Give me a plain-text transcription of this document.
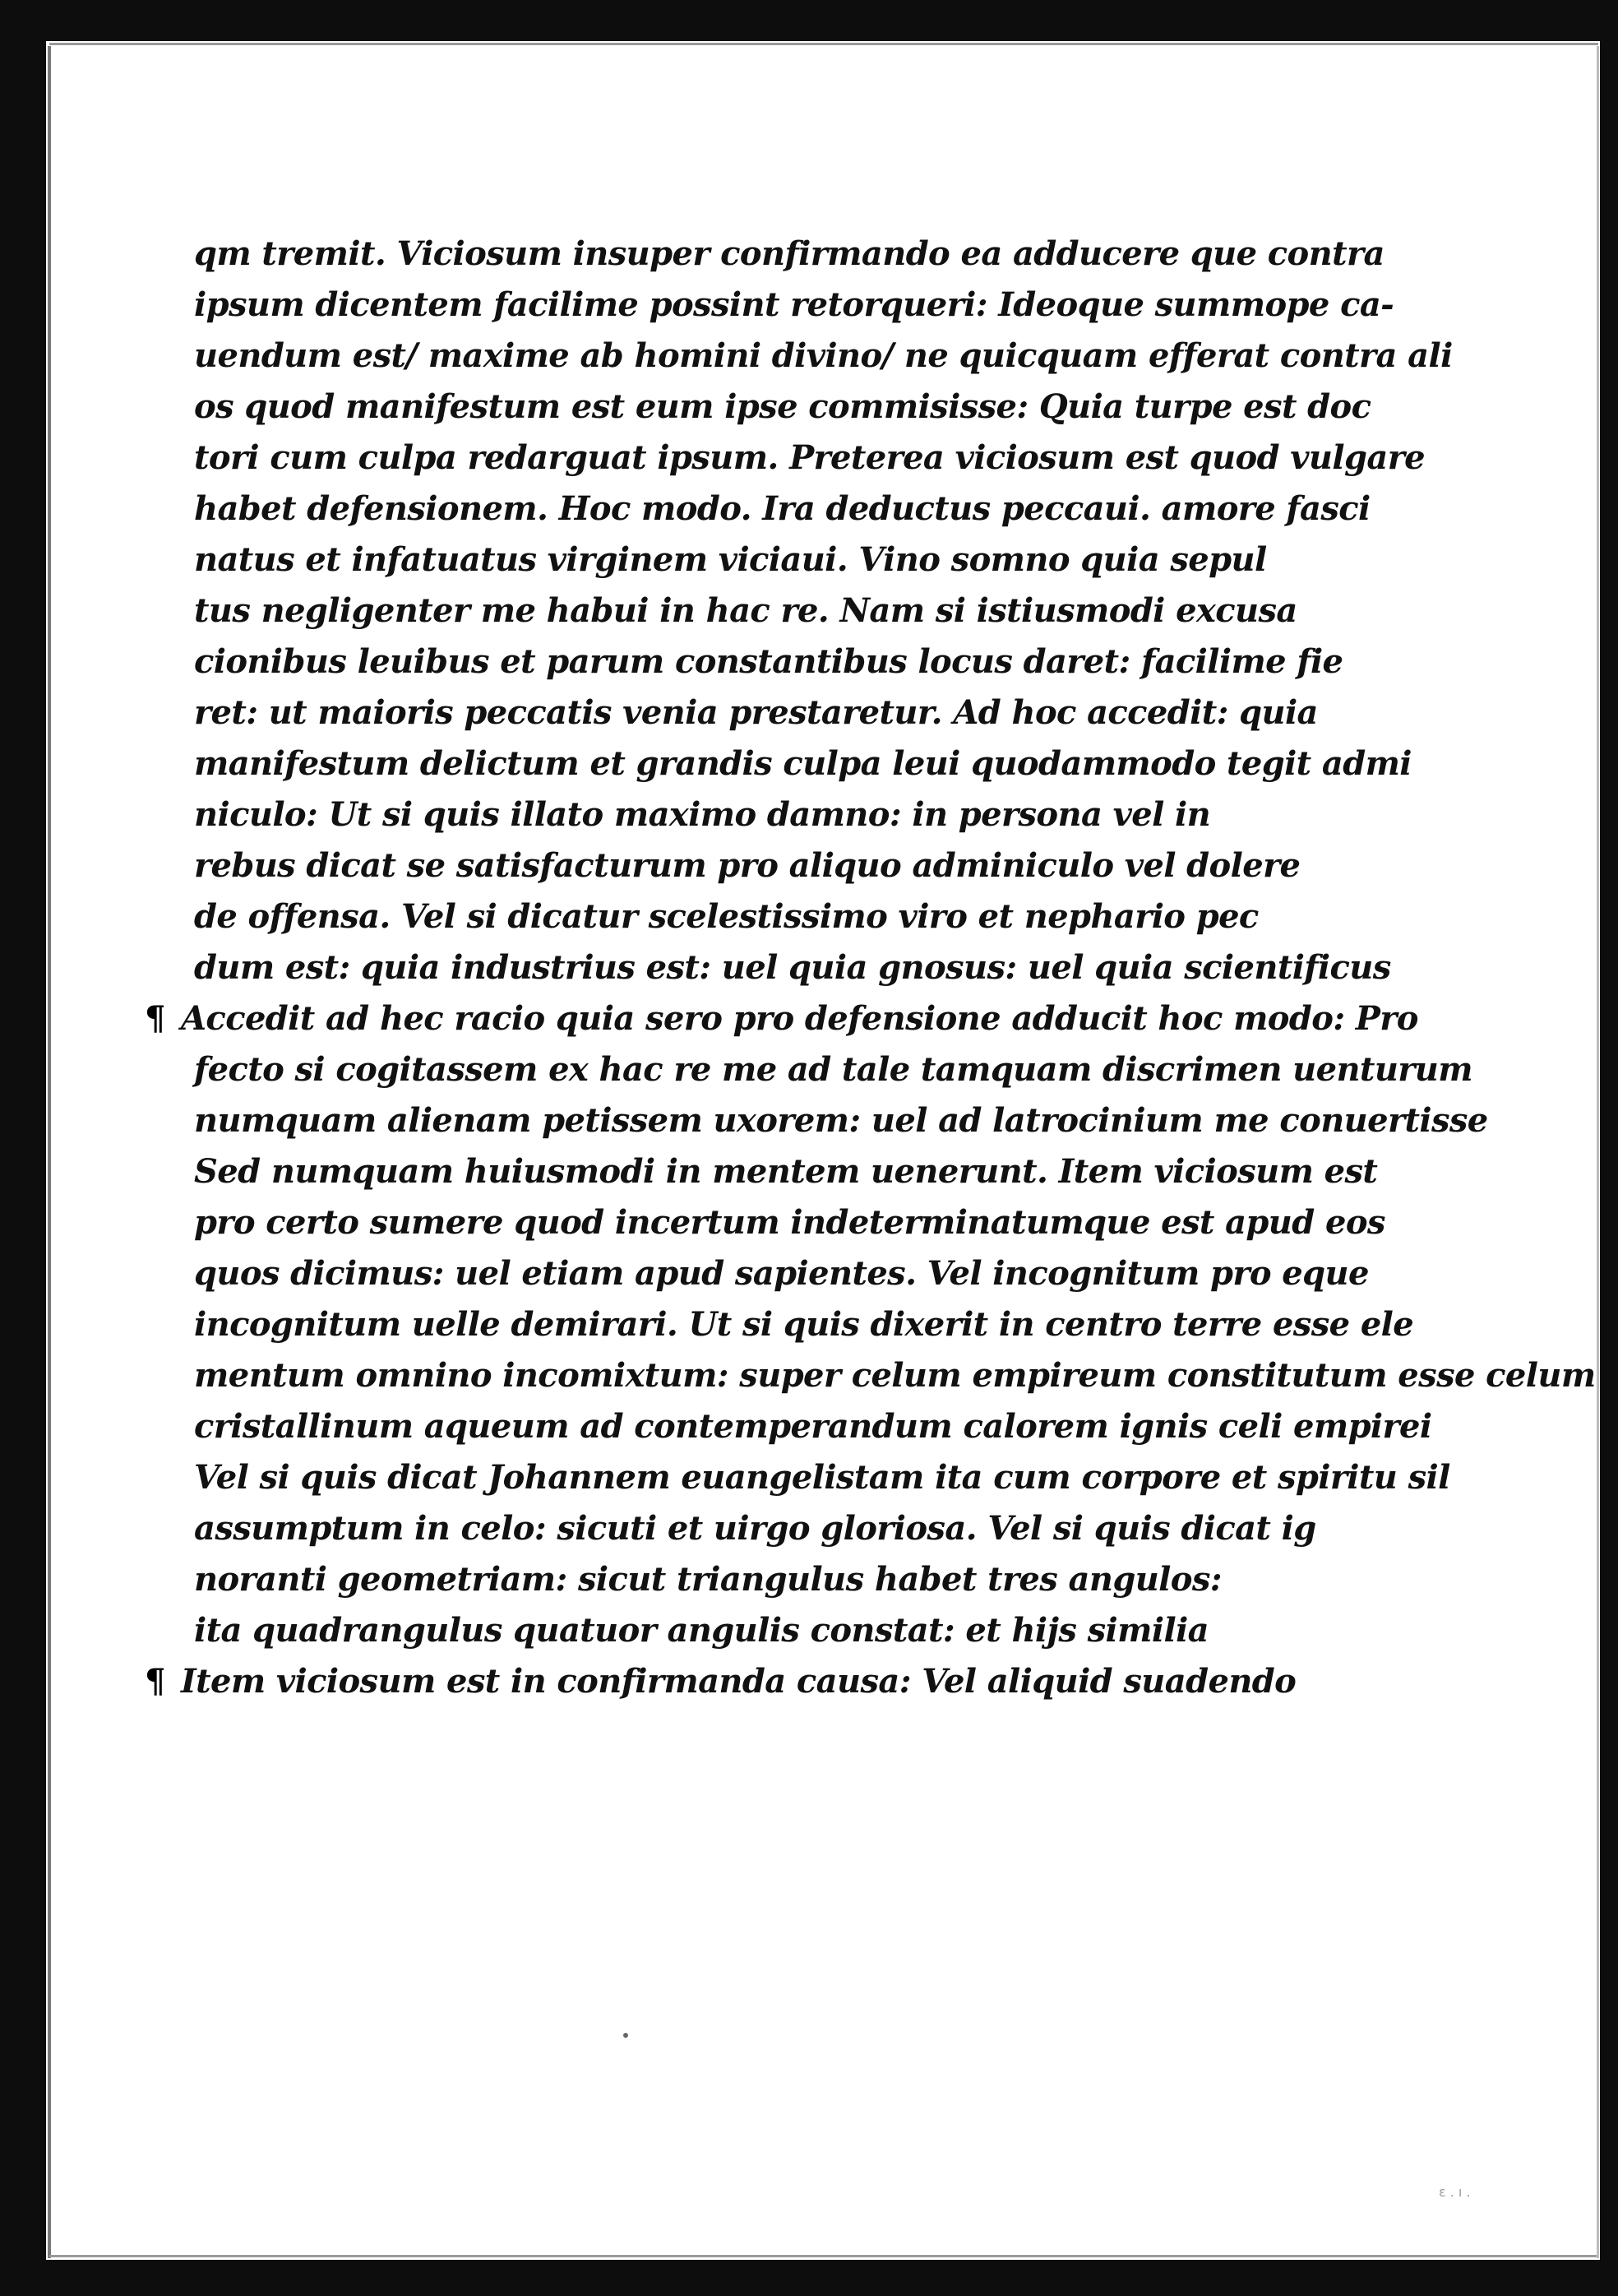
qm tremit. Viciosum insuper confirmando ea adducere que contra
ipsum dicentem facilime possint retorqueri: Ideoque summope ca-
uendum est/ maxime ab homini divino/ ne quicquam efferat contra ali
os quod manifestum est eum ipse commisisse: Quia turpe est doc
tori cum culpa redarguat ipsum. Preterea viciosum est quod vulgare
habet defensionem. Hoc modo. Ira deductus peccaui. amore fasci
natus et infatuatus virginem viciaui. Vino somno quia sepul
tus negligenter me habui in hac re. Nam si istiusmodi excusa
cionibus leuibus et parum constantibus locus daret: facilime fie
ret: ut maioris peccatis venia prestaretur. Ad hoc accedit: quia
manifestum delictum et grandis culpa leui quodammodo tegit admi
niculo: Ut si quis illato maximo damno: in persona vel in
rebus dicat se satisfacturum pro aliquo adminiculo vel dolere
de offensa. Vel si dicatur scelestissimo viro et nephario pec
dum est: quia industrius est: uel quia gnosus: uel quia scientificus
¶ Accedit ad hec racio quia sero pro defensione adducit hoc modo: Pro
fecto si cogitassem ex hac re me ad tale tamquam discrimen uenturum
numquam alienam petissem uxorem: uel ad latrocinium me conuertisse
Sed numquam huiusmodi in mentem uenerunt. Item viciosum est
pro certo sumere quod incertum indeterminatumque est apud eos
quos dicimus: uel etiam apud sapientes. Vel incognitum pro eque
incognitum uelle demirari. Ut si quis dixerit in centro terre esse ele
mentum omnino incomixtum: super celum empireum constitutum esse celum
cristallinum aqueum ad contemperandum calorem ignis celi empirei
Vel si quis dicat Johannem euangelistam ita cum corpore et spiritu sil
assumptum in celo: sicuti et uirgo gloriosa. Vel si quis dicat ig
noranti geometriam: sicut triangulus habet tres angulos:
ita quadrangulus quatuor angulis constat: et hijs similia
¶ Item viciosum est in confirmanda causa: Vel aliquid suadendo
ε . ı .
